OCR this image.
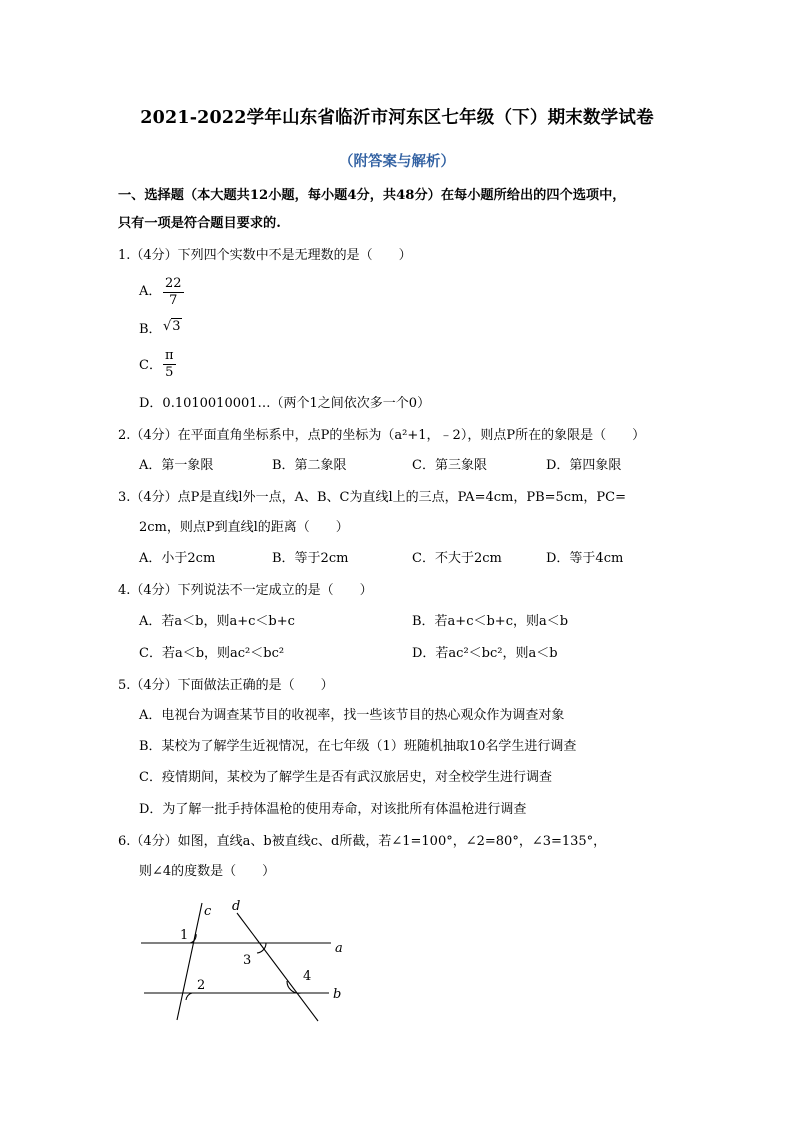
2021-2022学年山东省临沂市河东区七年级（下）期末数学试卷
（附答案与解析）
一、选择题（本大题共12小题，每小题4分，共48分）在每小题所给出的四个选项中，
只有一项是符合题目要求的.
1.（4分）下列四个实数中不是无理数的是（　　）
A．
22
7
B． √3
C．
π
5
D．0.1010010001…（两个1之间依次多一个0）
2.（4分）在平面直角坐标系中，点P的坐标为（a²+1，﹣2），则点P所在的象限是（　　）
A．第一象限	B．第二象限	C．第三象限	D．第四象限
3.（4分）点P是直线l外一点，A、B、C为直线l上的三点，PA=4cm，PB=5cm，PC=
2cm，则点P到直线l的距离（　　）
A．小于2cm	B．等于2cm	C．不大于2cm	D．等于4cm
4.（4分）下列说法不一定成立的是（　　）
A．若a＜b，则a+c＜b+c	B．若a+c＜b+c，则a＜b
C．若a＜b，则ac²＜bc²	D．若ac²＜bc²，则a＜b
5.（4分）下面做法正确的是（　　）
A．电视台为调查某节目的收视率，找一些该节目的热心观众作为调查对象
B．某校为了解学生近视情况，在七年级（1）班随机抽取10名学生进行调查
C．疫情期间，某校为了解学生是否有武汉旅居史，对全校学生进行调查
D．为了解一批手持体温枪的使用寿命，对该批所有体温枪进行调查
6.（4分）如图，直线a、b被直线c、d所截，若∠1=100°，∠2=80°，∠3=135°，
则∠4的度数是（　　）
c d
a
b
1
2
3
4
